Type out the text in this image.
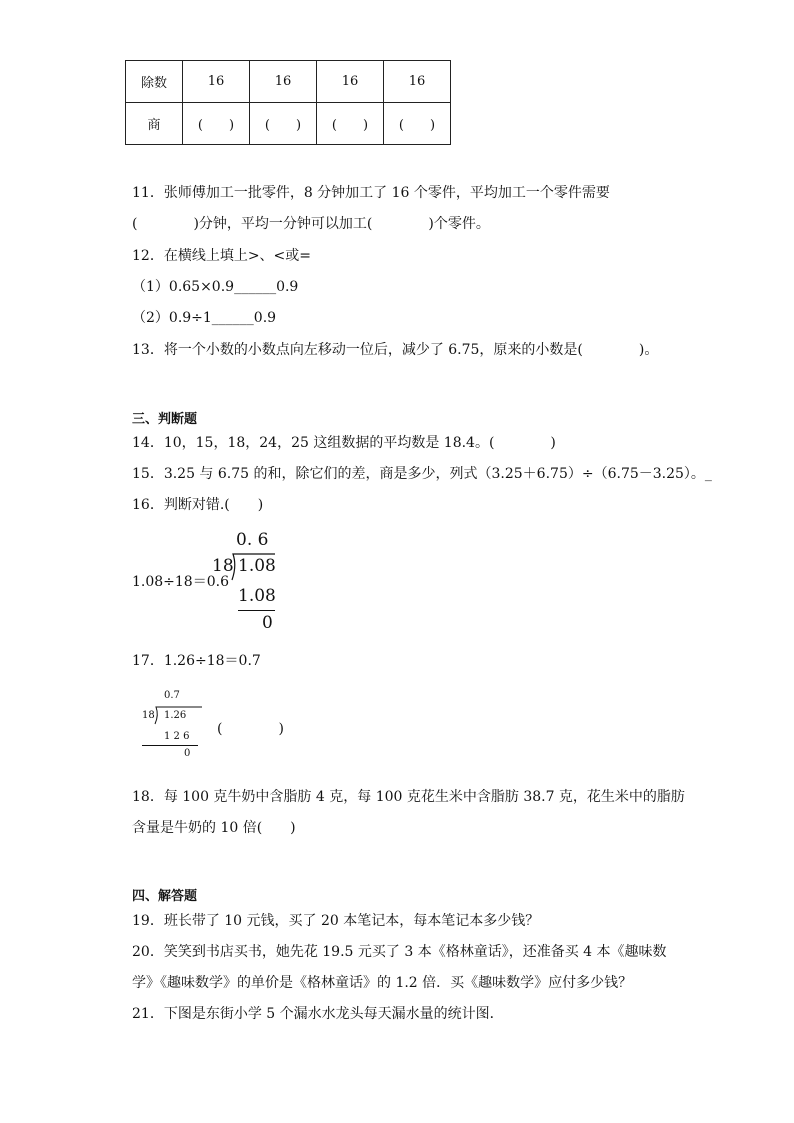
除数	16	16	16	16
商	(　　)	(　　)	(　　)	(　　)
11．张师傅加工一批零件，8 分钟加工了 16 个零件，平均加工一个零件需要
(　　　　)分钟，平均一分钟可以加工(　　　　)个零件。
12．在横线上填上>、<或=
（1）0.65×0.9______0.9
（2）0.9÷1______0.9
13．将一个小数的小数点向左移动一位后，减少了 6.75，原来的小数是(　　　　)。
三、判断题
14．10，15，18，24，25 这组数据的平均数是 18.4。(　　　　)
15．3.25 与 6.75 的和，除它们的差，商是多少，列式（3.25＋6.75）÷（6.75－3.25）。_
16．判断对错.(　　)
1.08÷18＝0.6
0. 6
18 1.08
1.08
0
17．1.26÷18＝0.7
0.7
18 1.26
1 2 6
0
(　　　　)
18．每 100 克牛奶中含脂肪 4 克，每 100 克花生米中含脂肪 38.7 克，花生米中的脂肪
含量是牛奶的 10 倍(　　)
四、解答题
19．班长带了 10 元钱，买了 20 本笔记本，每本笔记本多少钱？
20．笑笑到书店买书，她先花 19.5 元买了 3 本《格林童话》，还准备买 4 本《趣味数
学》《趣味数学》的单价是《格林童话》的 1.2 倍．买《趣味数学》应付多少钱？
21．下图是东街小学 5 个漏水水龙头每天漏水量的统计图．
